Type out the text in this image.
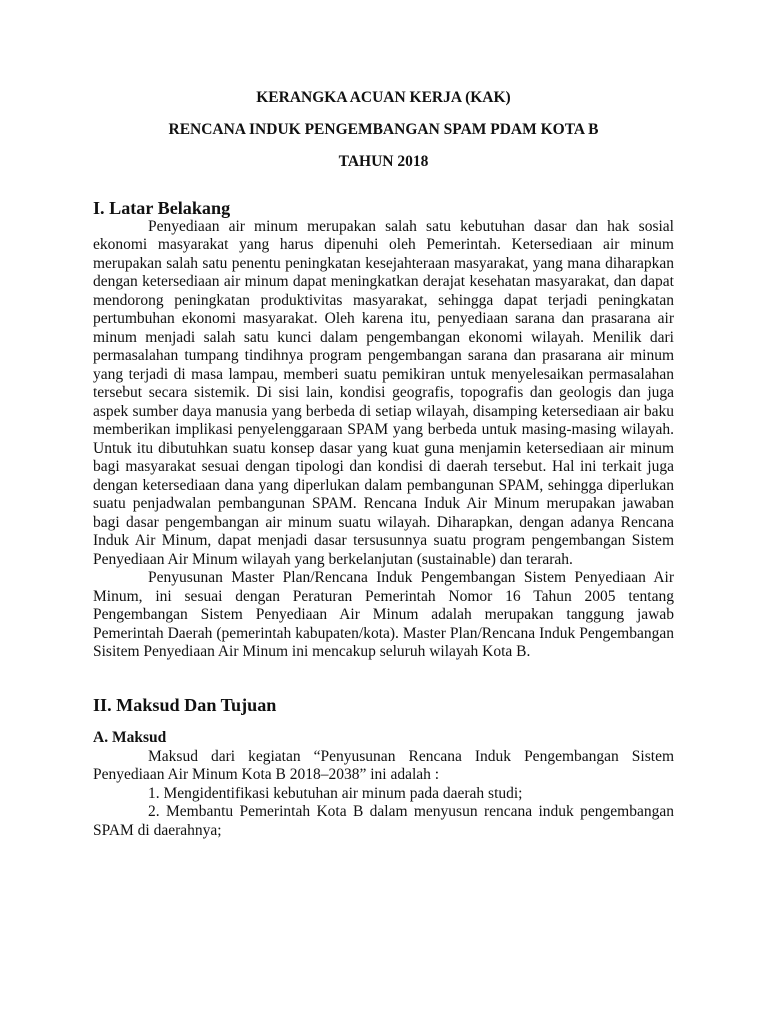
KERANGKA ACUAN KERJA (KAK)
RENCANA INDUK PENGEMBANGAN SPAM PDAM KOTA B
TAHUN 2018
I. Latar Belakang

Penyediaan air minum merupakan salah satu kebutuhan dasar dan hak sosial ekonomi masyarakat yang harus dipenuhi oleh Pemerintah. Ketersediaan air minum merupakan salah satu penentu peningkatan kesejahteraan masyarakat, yang mana diharapkan dengan ketersediaan air minum dapat meningkatkan derajat kesehatan masyarakat, dan dapat mendorong peningkatan produktivitas masyarakat, sehingga dapat terjadi peningkatan pertumbuhan ekonomi masyarakat. Oleh karena itu, penyediaan sarana dan prasarana air minum menjadi salah satu kunci dalam pengembangan ekonomi wilayah. Menilik dari permasalahan tumpang tindihnya program pengembangan sarana dan prasarana air minum yang terjadi di masa lampau, memberi suatu pemikiran untuk menyelesaikan permasalahan tersebut secara sistemik. Di sisi lain, kondisi geografis, topografis dan geologis dan juga aspek sumber daya manusia yang berbeda di setiap wilayah, disamping ketersediaan air baku memberikan implikasi penyelenggaraan SPAM yang berbeda untuk masing-masing wilayah. Untuk itu dibutuhkan suatu konsep dasar yang kuat guna menjamin ketersediaan air minum bagi masyarakat sesuai dengan tipologi dan kondisi di daerah tersebut. Hal ini terkait juga dengan ketersediaan dana yang diperlukan dalam pembangunan SPAM, sehingga diperlukan suatu penjadwalan pembangunan SPAM. Rencana Induk Air Minum merupakan jawaban bagi dasar pengembangan air minum suatu wilayah. Diharapkan, dengan adanya Rencana Induk Air Minum, dapat menjadi dasar tersusunnya suatu program pengembangan Sistem Penyediaan Air Minum wilayah yang berkelanjutan (sustainable) dan terarah.

Penyusunan Master Plan/Rencana Induk Pengembangan Sistem Penyediaan Air Minum, ini sesuai dengan Peraturan Pemerintah Nomor 16 Tahun 2005 tentang Pengembangan Sistem Penyediaan Air Minum adalah merupakan tanggung jawab Pemerintah Daerah (pemerintah kabupaten/kota). Master Plan/Rencana Induk Pengembangan Sisitem Penyediaan Air Minum ini mencakup seluruh wilayah Kota B.

II. Maksud Dan Tujuan
A. Maksud

Maksud dari kegiatan “Penyusunan Rencana Induk Pengembangan Sistem Penyediaan Air Minum Kota B 2018–2038” ini adalah :

1. Mengidentifikasi kebutuhan air minum pada daerah studi;

2. Membantu Pemerintah Kota B dalam menyusun rencana induk pengembangan SPAM di daerahnya;
